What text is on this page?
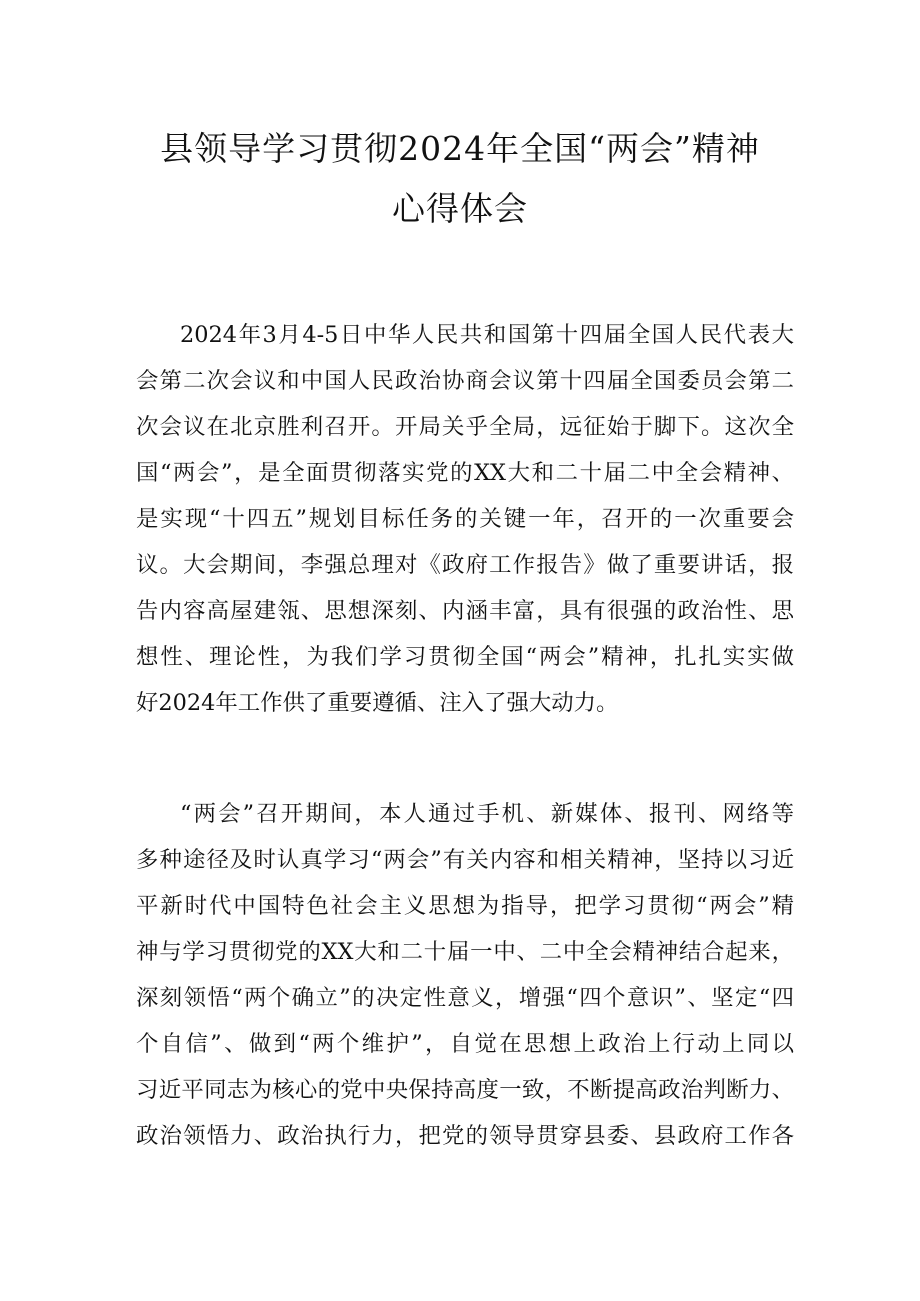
县领导学习贯彻2024年全国“两会”精神
心得体会
2024年3月4-5日中华人民共和国第十四届全国人民代表大
会第二次会议和中国人民政治协商会议第十四届全国委员会第二
次会议在北京胜利召开。开局关乎全局，远征始于脚下。这次全
国“两会”，是全面贯彻落实党的XX大和二十届二中全会精神、
是实现“十四五”规划目标任务的关键一年，召开的一次重要会
议。大会期间，李强总理对《政府工作报告》做了重要讲话，报
告内容高屋建瓴、思想深刻、内涵丰富，具有很强的政治性、思
想性、理论性，为我们学习贯彻全国“两会”精神，扎扎实实做
好2024年工作供了重要遵循、注入了强大动力。
“两会”召开期间，本人通过手机、新媒体、报刊、网络等
多种途径及时认真学习“两会”有关内容和相关精神，坚持以习近
平新时代中国特色社会主义思想为指导，把学习贯彻“两会”精
神与学习贯彻党的XX大和二十届一中、二中全会精神结合起来，
深刻领悟“两个确立”的决定性意义，增强“四个意识”、坚定“四
个自信”、做到“两个维护”，自觉在思想上政治上行动上同以
习近平同志为核心的党中央保持高度一致，不断提高政治判断力、
政治领悟力、政治执行力，把党的领导贯穿县委、县政府工作各
